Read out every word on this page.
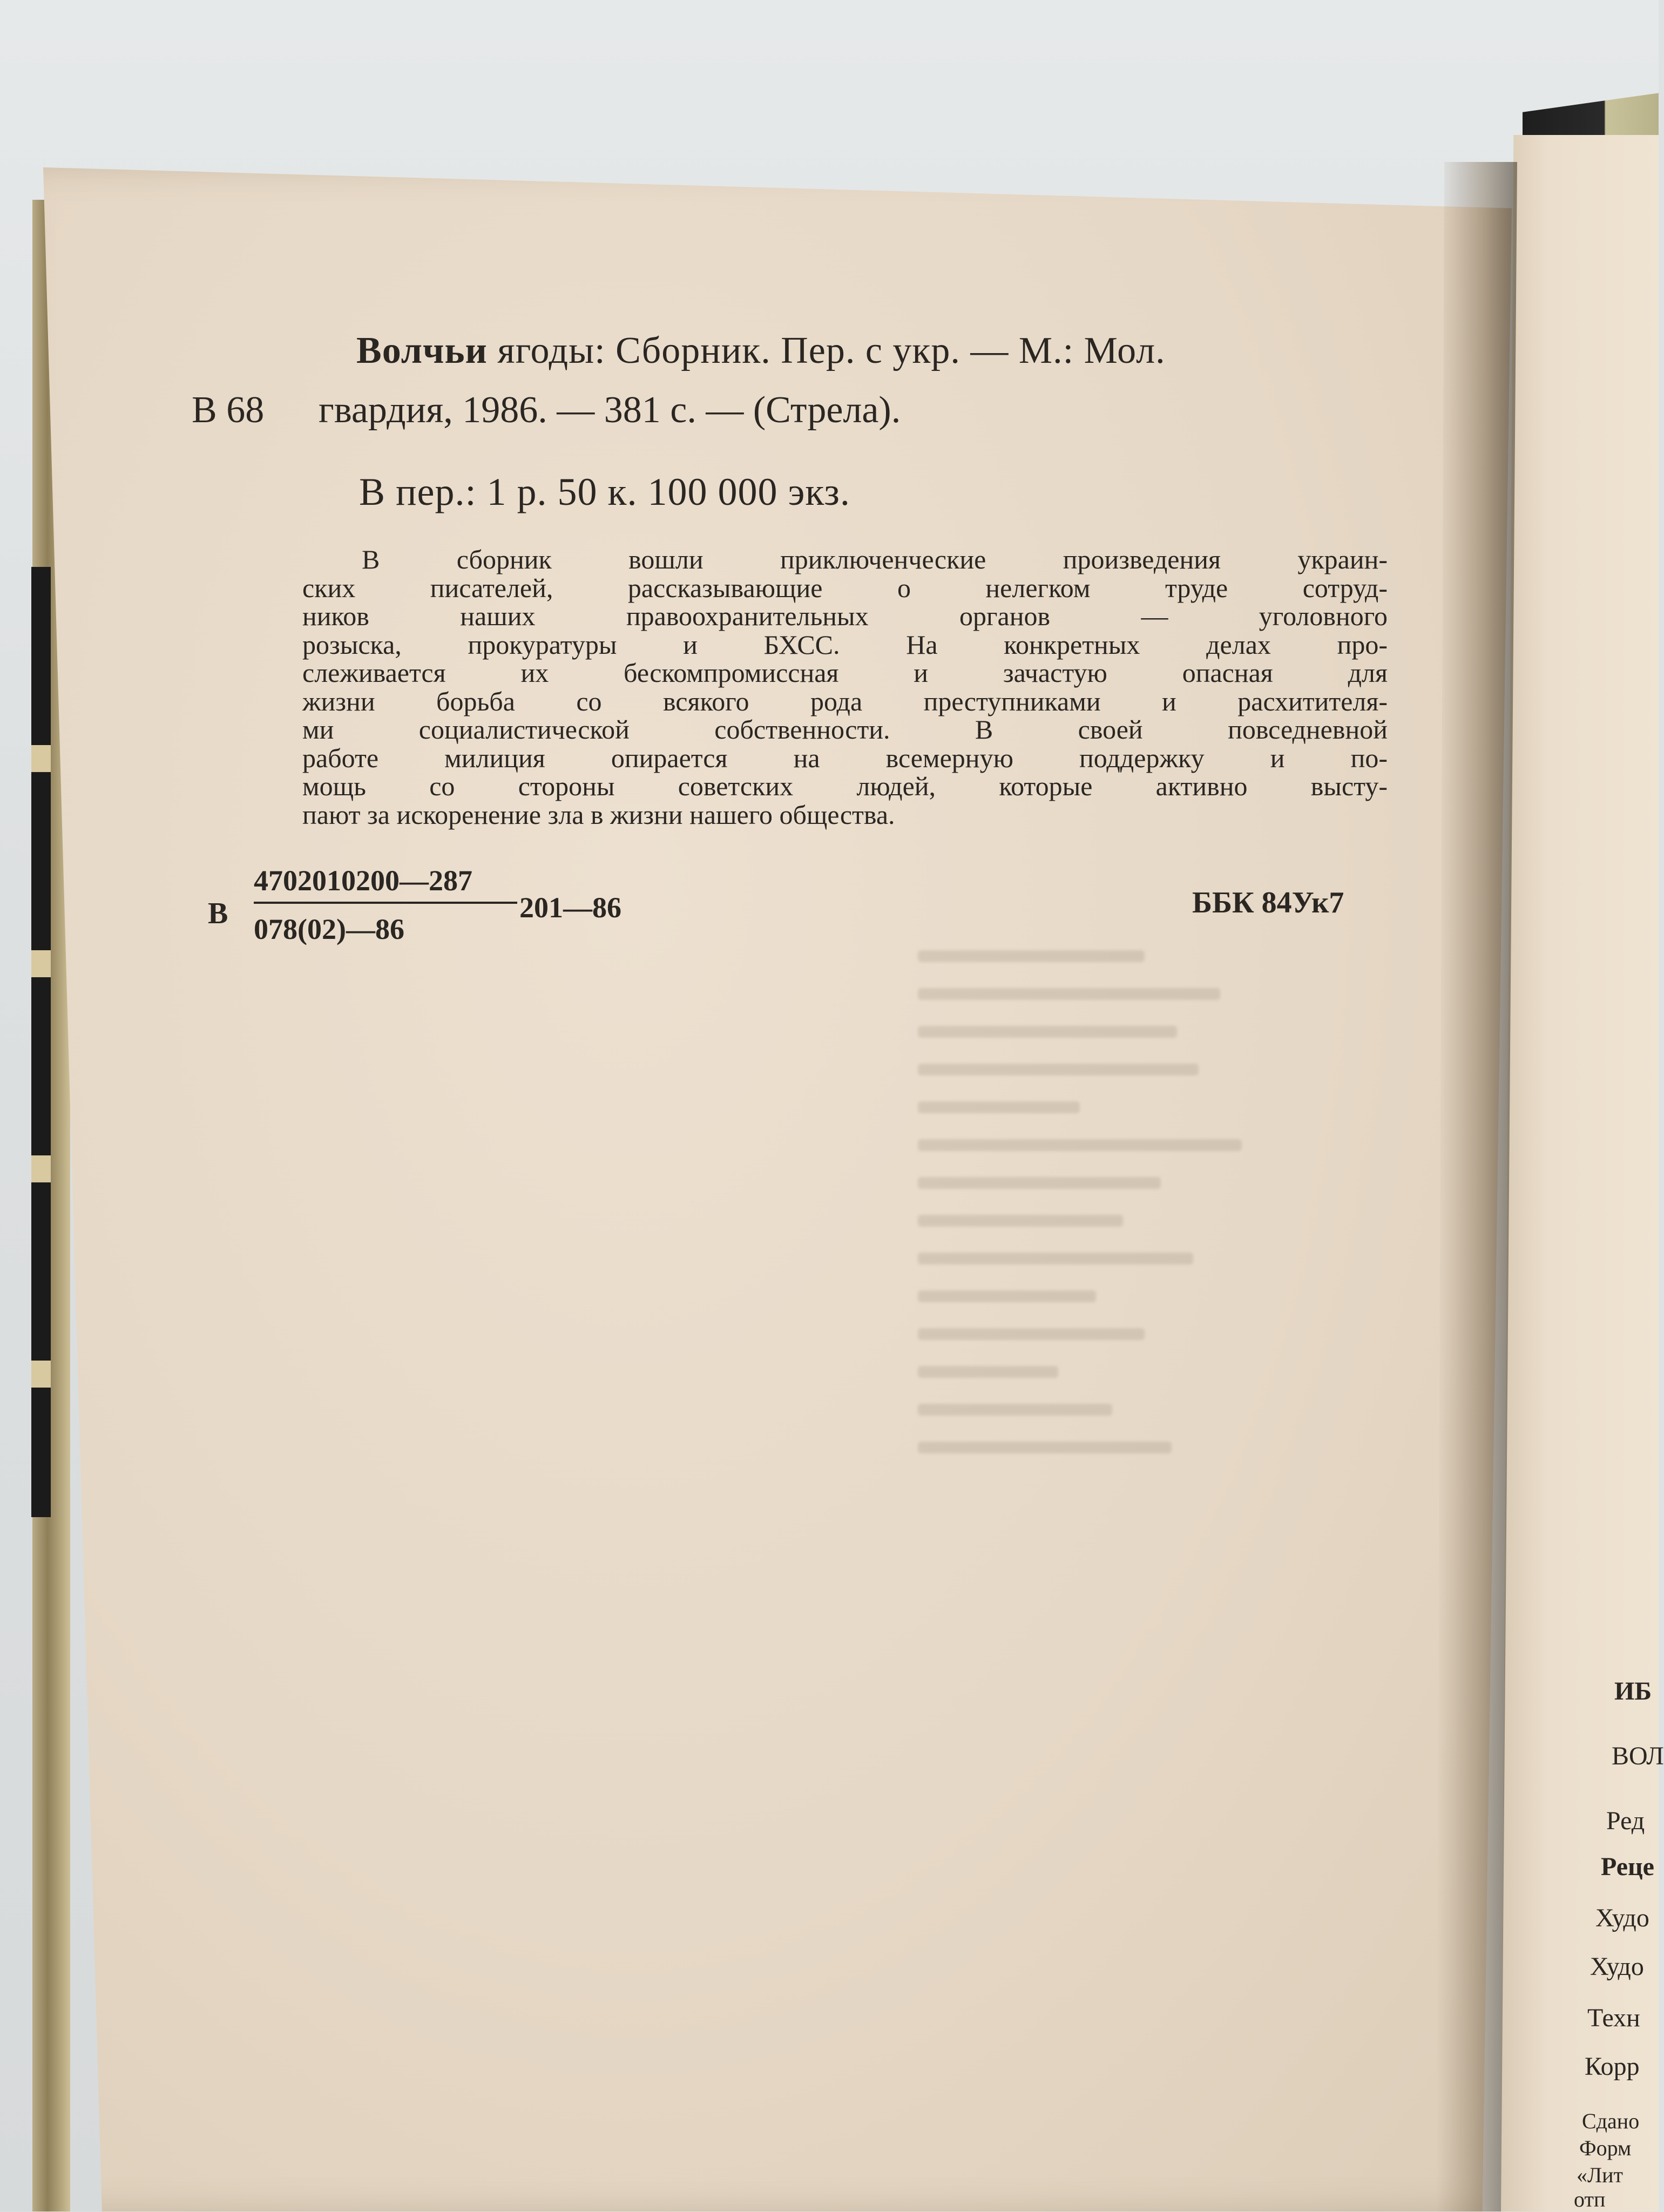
Волчьи ягоды: Сборник. Пер. с укр. — М.: Мол.
В 68 гвардия, 1986. — 381 с. — (Стрела).
В пер.: 1 р. 50 к. 100 000 экз.
В сборник вошли приключенческие произведения украин-
ских писателей, рассказывающие о нелегком труде сотруд-
ников наших правоохранительных органов — уголовного
розыска, прокуратуры и БХСС. На конкретных делах про-
слеживается их бескомпромиссная и зачастую опасная для
жизни борьба со всякого рода преступниками и расхитителя-
ми социалистической собственности. В своей повседневной
работе милиция опирается на всемерную поддержку и по-
мощь со стороны советских людей, которые активно высту-
пают за искоренение зла в жизни нашего общества.
В
4702010200—287
078(02)—86
201—86	ББК 84Ук7
ИБ
ВОЛ
Ред
Реце
Худо
Худо
Техн
Корр
Сдано
Форм
«Лит
отп
